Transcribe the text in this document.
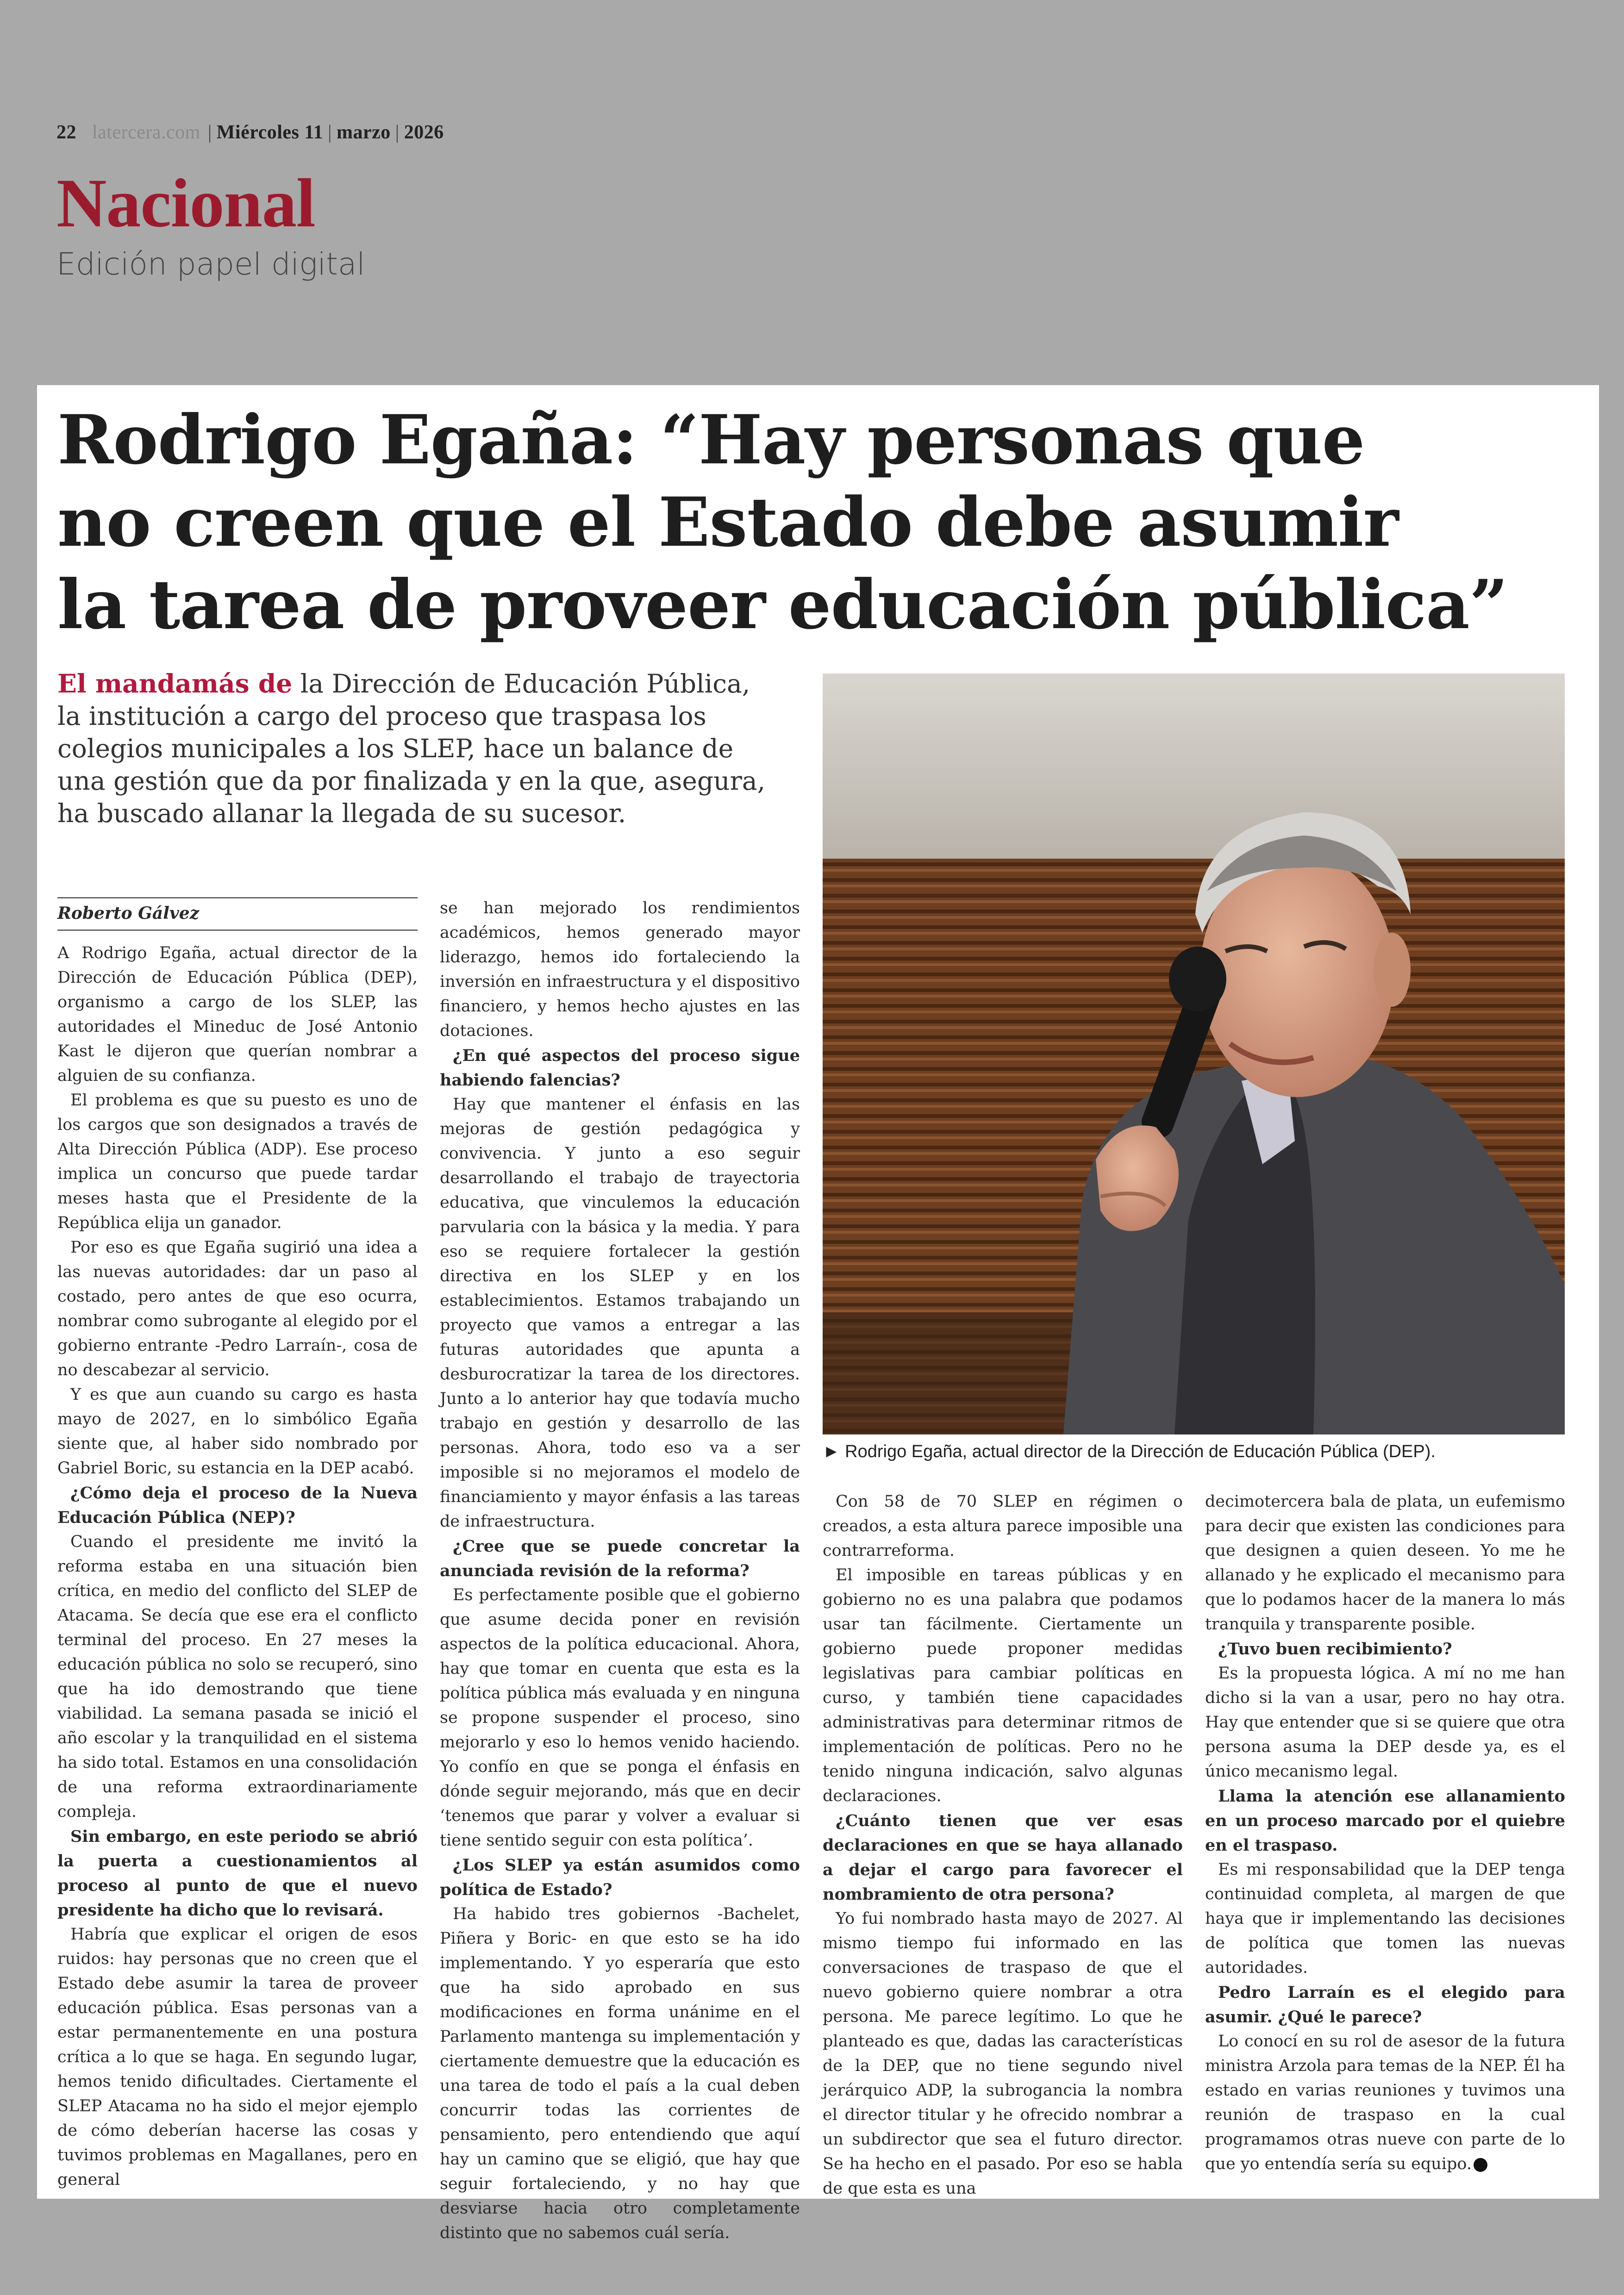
22 latercera.com | Miércoles 11 | marzo | 2026
Nacional
Edición papel digital
Rodrigo Egaña: “Hay personas que
no creen que el Estado debe asumir
la tarea de proveer educación pública”
El mandamás de la Dirección de Educación Pública, la institución a cargo del proceso que traspasa los colegios municipales a los SLEP, hace un balance de una gestión que da por finalizada y en la que, asegura, ha buscado allanar la llegada de su sucesor.
► Rodrigo Egaña, actual director de la Dirección de Educación Pública (DEP).
Roberto Gálvez

A Rodrigo Egaña, actual director de la Dirección de Educación Pública (DEP), organismo a cargo de los SLEP, las autoridades el Mineduc de José Antonio Kast le dijeron que querían nombrar a alguien de su confianza.

El problema es que su puesto es uno de los cargos que son designados a través de Alta Dirección Pública (ADP). Ese proceso implica un concurso que puede tardar meses hasta que el Presidente de la República elija un ganador.

Por eso es que Egaña sugirió una idea a las nuevas autoridades: dar un paso al costado, pero antes de que eso ocurra, nombrar como subrogante al elegido por el gobierno entrante -Pedro Larraín-, cosa de no descabezar al servicio.

Y es que aun cuando su cargo es hasta mayo de 2027, en lo simbólico Egaña siente que, al haber sido nombrado por Gabriel Boric, su estancia en la DEP acabó.

¿Cómo deja el proceso de la Nueva Educación Pública (NEP)?

Cuando el presidente me invitó la reforma estaba en una situación bien crítica, en medio del conflicto del SLEP de Atacama. Se decía que ese era el conflicto terminal del proceso. En 27 meses la educación pública no solo se recuperó, sino que ha ido demostrando que tiene viabilidad. La semana pasada se inició el año escolar y la tranquilidad en el sistema ha sido total. Estamos en una consolidación de una reforma extraordinariamente compleja.

Sin embargo, en este periodo se abrió la puerta a cuestionamientos al proceso al punto de que el nuevo presidente ha dicho que lo revisará.

Habría que explicar el origen de esos ruidos: hay personas que no creen que el Estado debe asumir la tarea de proveer educación pública. Esas personas van a estar permanentemente en una postura crítica a lo que se haga. En segundo lugar, hemos tenido dificultades. Ciertamente el SLEP Atacama no ha sido el mejor ejemplo de cómo deberían hacerse las cosas y tuvimos problemas en Magallanes, pero en general

se han mejorado los rendimientos académicos, hemos generado mayor liderazgo, hemos ido fortaleciendo la inversión en infraestructura y el dispositivo financiero, y hemos hecho ajustes en las dotaciones.

¿En qué aspectos del proceso sigue habiendo falencias?

Hay que mantener el énfasis en las mejoras de gestión pedagógica y convivencia. Y junto a eso seguir desarrollando el trabajo de trayectoria educativa, que vinculemos la educación parvularia con la básica y la media. Y para eso se requiere fortalecer la gestión directiva en los SLEP y en los establecimientos. Estamos trabajando un proyecto que vamos a entregar a las futuras autoridades que apunta a desburocratizar la tarea de los directores. Junto a lo anterior hay que todavía mucho trabajo en gestión y desarrollo de las personas. Ahora, todo eso va a ser imposible si no mejoramos el modelo de financiamiento y mayor énfasis a las tareas de infraestructura.

¿Cree que se puede concretar la anunciada revisión de la reforma?

Es perfectamente posible que el gobierno que asume decida poner en revisión aspectos de la política educacional. Ahora, hay que tomar en cuenta que esta es la política pública más evaluada y en ninguna se propone suspender el proceso, sino mejorarlo y eso lo hemos venido haciendo. Yo confío en que se ponga el énfasis en dónde seguir mejorando, más que en decir ‘tenemos que parar y volver a evaluar si tiene sentido seguir con esta política’.

¿Los SLEP ya están asumidos como política de Estado?

Ha habido tres gobiernos -Bachelet, Piñera y Boric- en que esto se ha ido implementando. Y yo esperaría que esto que ha sido aprobado en sus modificaciones en forma unánime en el Parlamento mantenga su implementación y ciertamente demuestre que la educación es una tarea de todo el país a la cual deben concurrir todas las corrientes de pensamiento, pero entendiendo que aquí hay un camino que se eligió, que hay que seguir fortaleciendo, y no hay que desviarse hacia otro completamente distinto que no sabemos cuál sería.

Con 58 de 70 SLEP en régimen o creados, a esta altura parece imposible una contrarreforma.

El imposible en tareas públicas y en gobierno no es una palabra que podamos usar tan fácilmente. Ciertamente un gobierno puede proponer medidas legislativas para cambiar políticas en curso, y también tiene capacidades administrativas para determinar ritmos de implementación de políticas. Pero no he tenido ninguna indicación, salvo algunas declaraciones.

¿Cuánto tienen que ver esas declaraciones en que se haya allanado a dejar el cargo para favorecer el nombramiento de otra persona?

Yo fui nombrado hasta mayo de 2027. Al mismo tiempo fui informado en las conversaciones de traspaso de que el nuevo gobierno quiere nombrar a otra persona. Me parece legítimo. Lo que he planteado es que, dadas las características de la DEP, que no tiene segundo nivel jerárquico ADP, la subrogancia la nombra el director titular y he ofrecido nombrar a un subdirector que sea el futuro director. Se ha hecho en el pasado. Por eso se habla de que esta es una

decimotercera bala de plata, un eufemismo para decir que existen las condiciones para que designen a quien deseen. Yo me he allanado y he explicado el mecanismo para que lo podamos hacer de la manera lo más tranquila y transparente posible.

¿Tuvo buen recibimiento?

Es la propuesta lógica. A mí no me han dicho si la van a usar, pero no hay otra. Hay que entender que si se quiere que otra persona asuma la DEP desde ya, es el único mecanismo legal.

Llama la atención ese allanamiento en un proceso marcado por el quiebre en el traspaso.

Es mi responsabilidad que la DEP tenga continuidad completa, al margen de que haya que ir implementando las decisiones de política que tomen las nuevas autoridades.

Pedro Larraín es el elegido para asumir. ¿Qué le parece?

Lo conocí en su rol de asesor de la futura ministra Arzola para temas de la NEP. Él ha estado en varias reuniones y tuvimos una reunión de traspaso en la cual programamos otras nueve con parte de lo que yo entendía sería su equipo.
